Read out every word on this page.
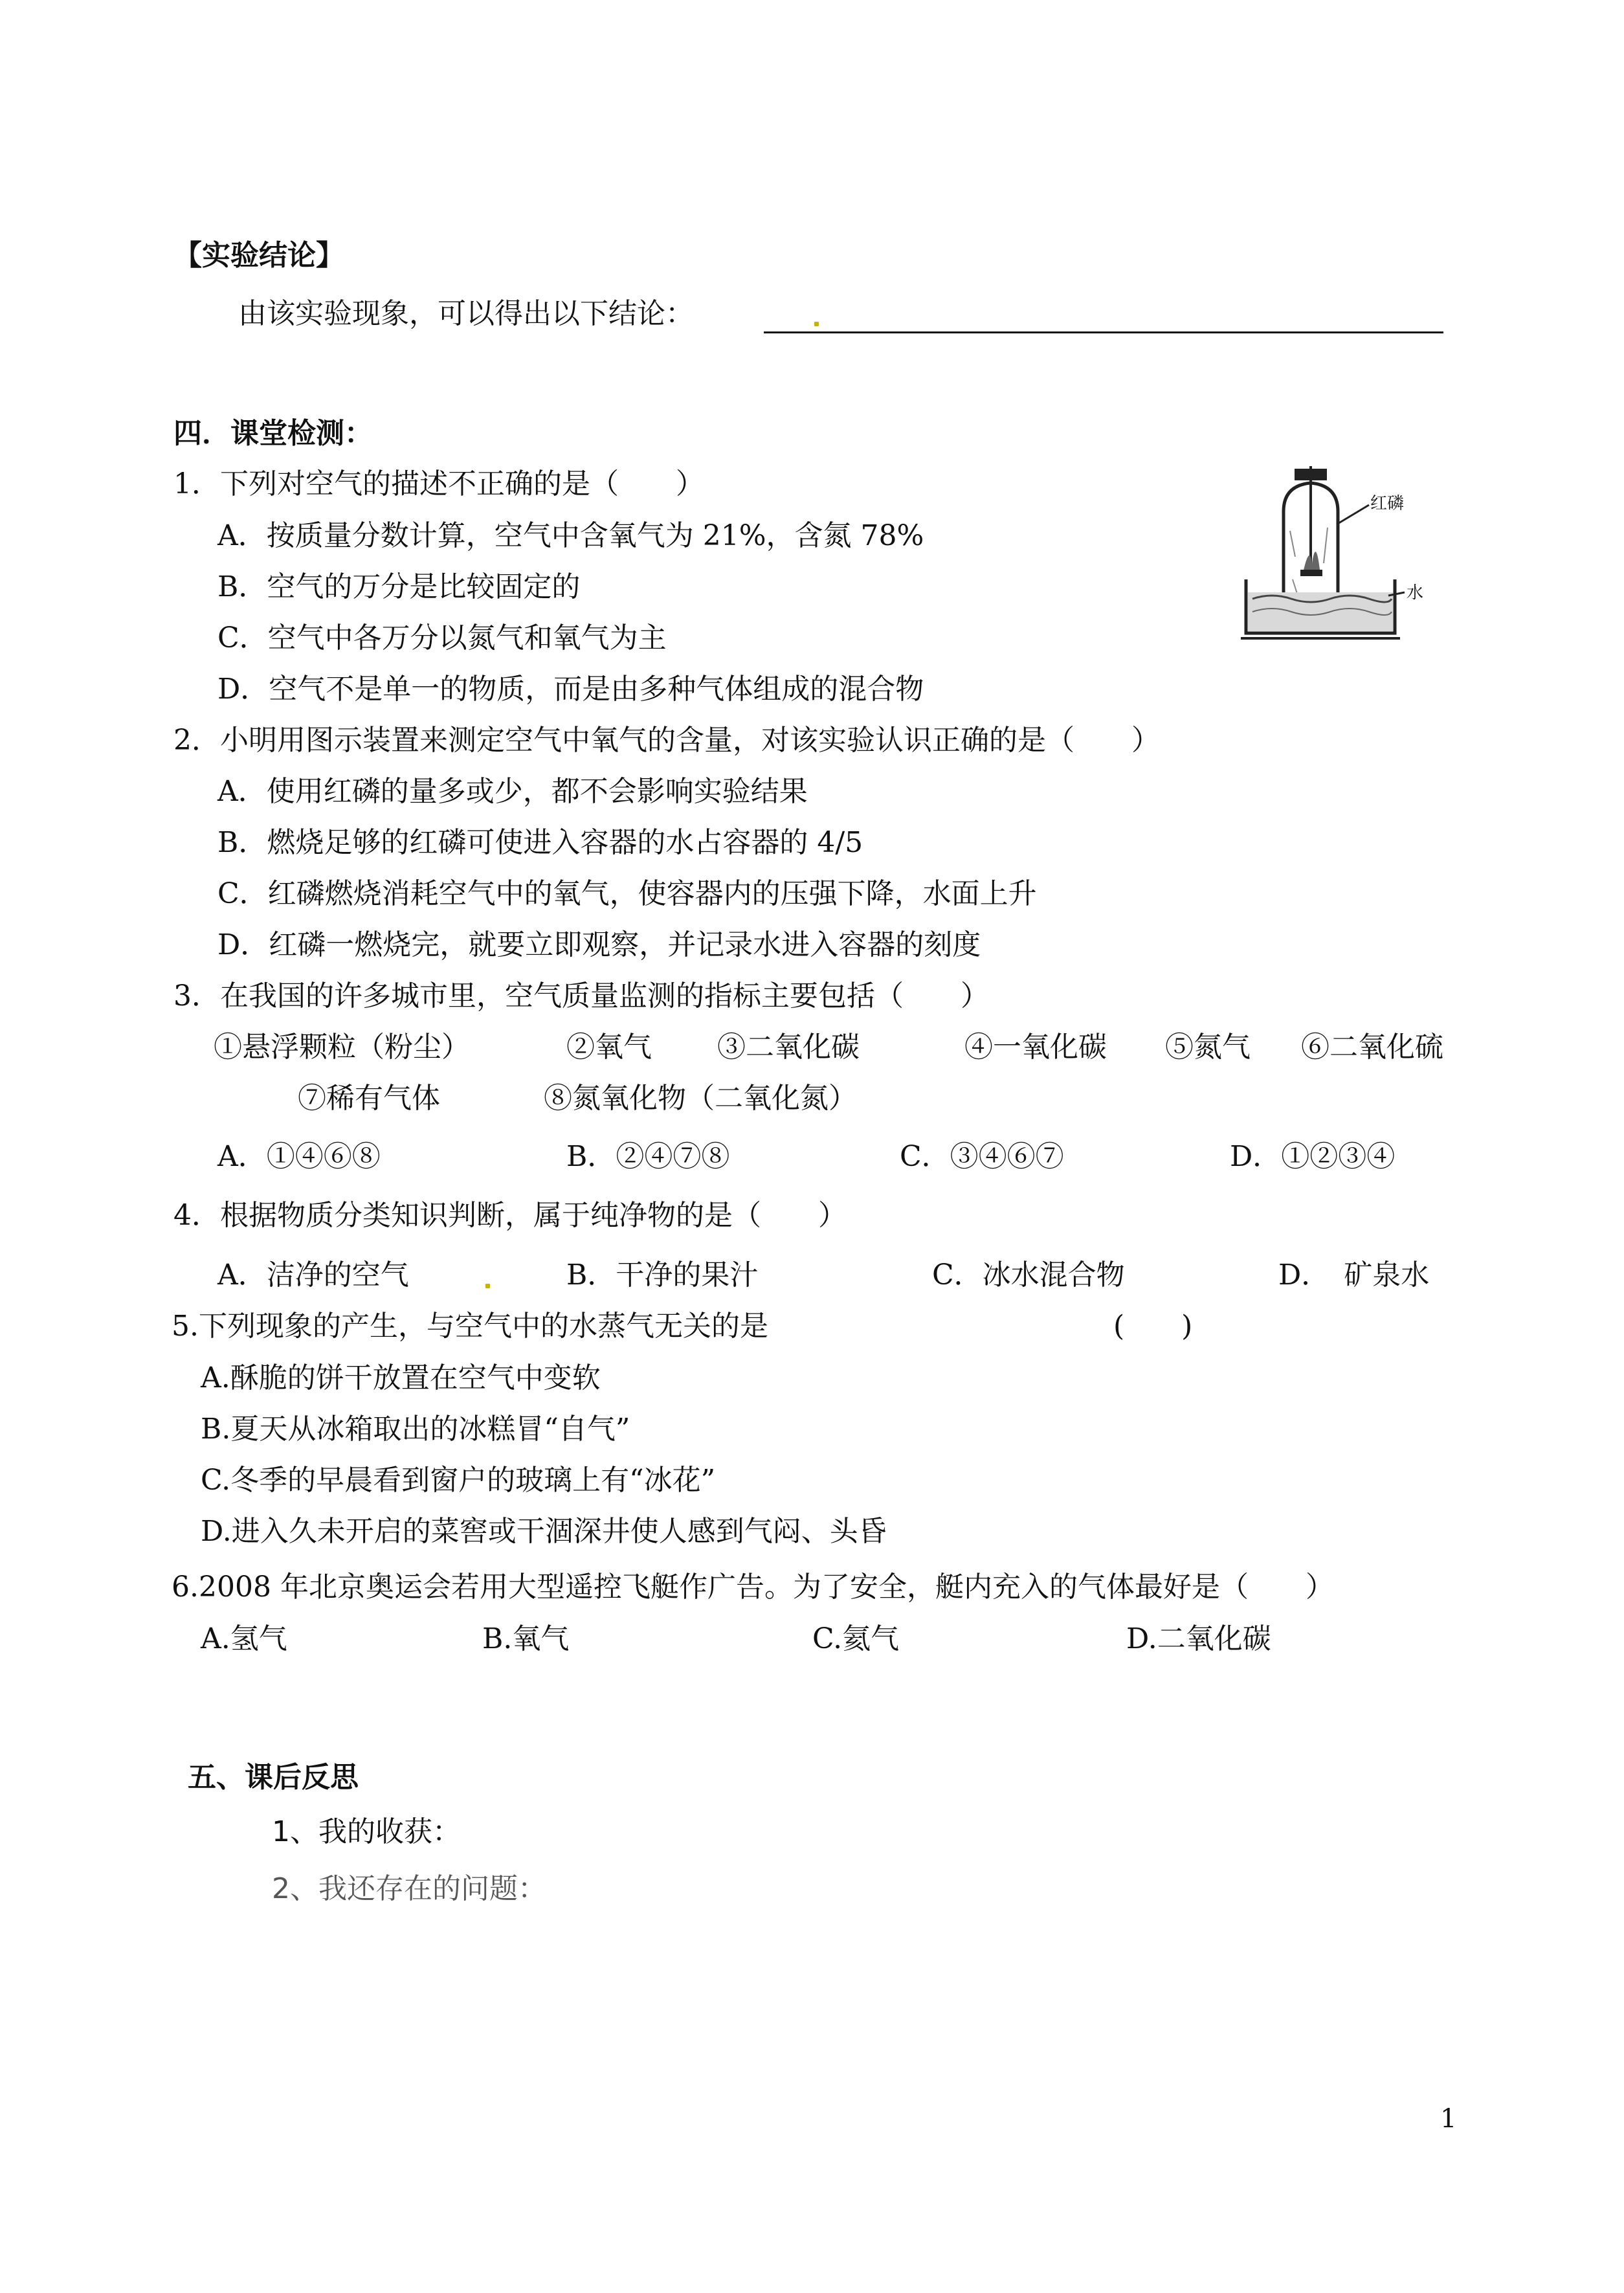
【实验结论】
由该实验现象，可以得出以下结论：
四．课堂检测：
1．下列对空气的描述不正确的是（　　）
A．按质量分数计算，空气中含氧气为 21%，含氮 78%
B．空气的万分是比较固定的
C．空气中各万分以氮气和氧气为主
D．空气不是单一的物质，而是由多种气体组成的混合物
红磷
水
2．小明用图示装置来测定空气中氧气的含量，对该实验认识正确的是（　　）
A．使用红磷的量多或少，都不会影响实验结果
B．燃烧足够的红磷可使进入容器的水占容器的 4/5
C．红磷燃烧消耗空气中的氧气，使容器内的压强下降，水面上升
D．红磷一燃烧完，就要立即观察，并记录水进入容器的刻度
3．在我国的许多城市里，空气质量监测的指标主要包括（　　）
①悬浮颗粒（粉尘）	②氧气 ③二氧化碳	④一氧化碳 ⑤氮气 ⑥二氧化硫
⑦稀有气体	⑧氮氧化物（二氧化氮）
A．①④⑥⑧	B．②④⑦⑧	C．③④⑥⑦	D．①②③④
4．根据物质分类知识判断，属于纯净物的是（　　）
A．洁净的空气	B．干净的果汁	C．冰水混合物	D．　矿泉水
5.下列现象的产生，与空气中的水蒸气无关的是	(　　)
A.酥脆的饼干放置在空气中变软
B.夏天从冰箱取出的冰糕冒“自气”
C.冬季的早晨看到窗户的玻璃上有“冰花”
D.进入久未开启的菜窖或干涸深井使人感到气闷、头昏
6.2008 年北京奥运会若用大型遥控飞艇作广告。为了安全，艇内充入的气体最好是（　　）
A.氢气	B.氧气	C.氦气	D.二氧化碳
五、课后反思
1、我的收获：
2、我还存在的问题：
1
